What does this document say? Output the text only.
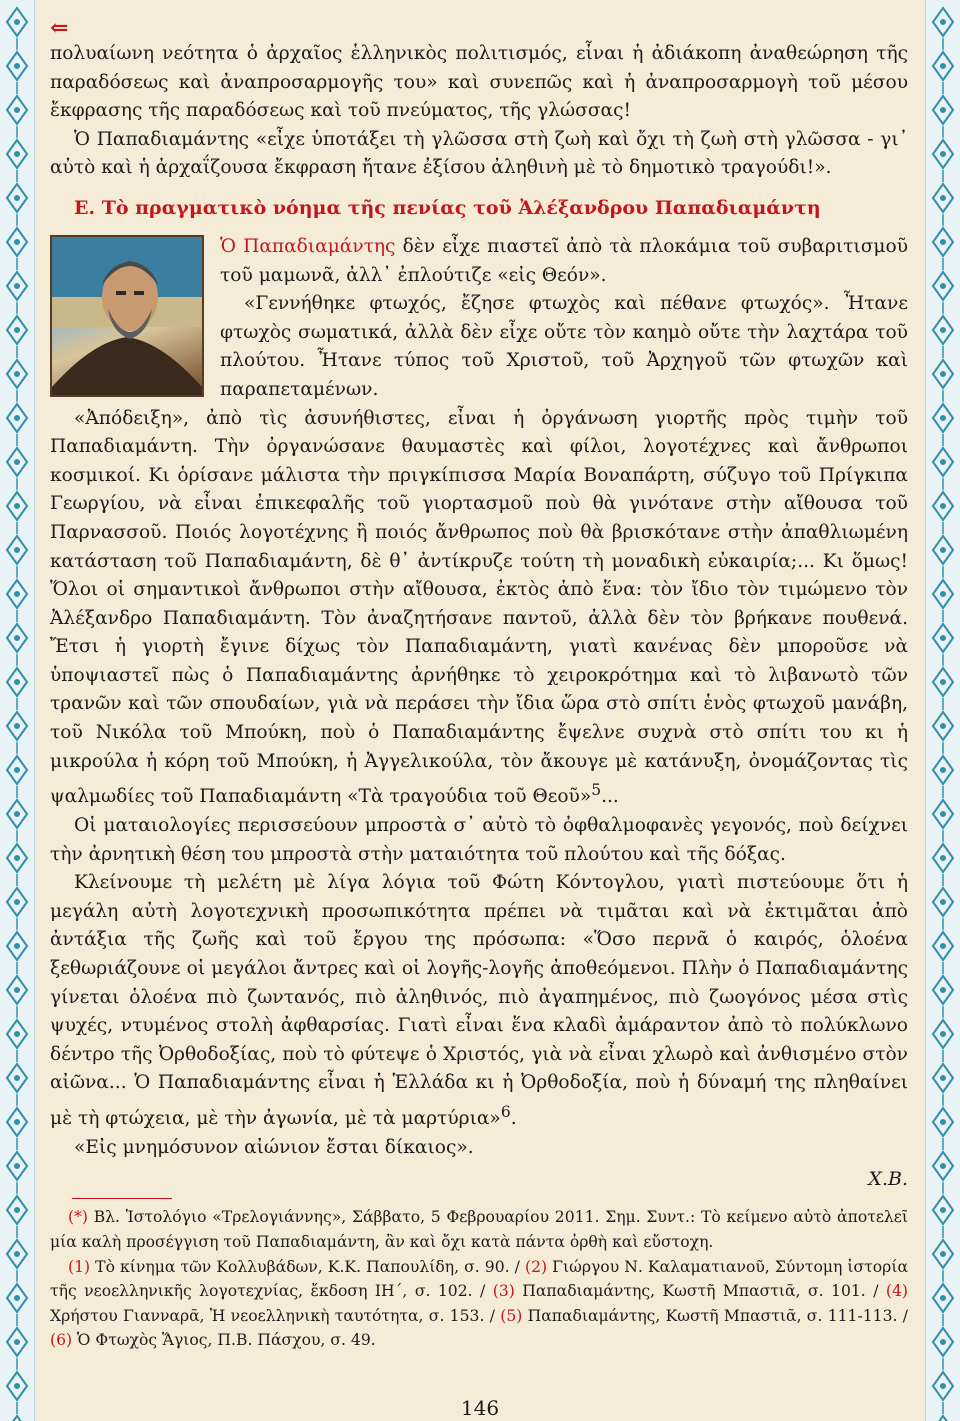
⇐

πολυαίωνη νεότητα ὁ ἀρχαῖος ἑλληνικὸς πολιτισμός, εἶναι ἡ ἀδιάκοπη ἀναθεώρηση τῆς παραδόσεως καὶ ἀναπροσαρμογῆς του» καὶ συνεπῶς καὶ ἡ ἀναπροσαρμογὴ τοῦ μέσου ἔκφρασης τῆς παραδόσεως καὶ τοῦ πνεύματος, τῆς γλώσσας!

Ὁ Παπαδιαμάντης «εἶχε ὑποτάξει τὴ γλῶσσα στὴ ζωὴ καὶ ὄχι τὴ ζωὴ στὴ γλῶσσα - γι᾿ αὐτὸ καὶ ἡ ἀρχαΐζουσα ἔκφραση ἤτανε ἐξίσου ἀληθινὴ μὲ τὸ δημοτικὸ τραγούδι!».

Ε. Τὸ πραγματικὸ νόημα τῆς πενίας τοῦ Ἀλέξανδρου Παπαδιαμάντη

Ὁ Παπαδιαμάντης δὲν εἶχε πιαστεῖ ἀπὸ τὰ πλοκάμια τοῦ συβαριτισμοῦ τοῦ μαμωνᾶ, ἀλλ᾿ ἐπλούτιζε «εἰς Θεόν».

«Γεννήθηκε φτωχός, ἔζησε φτωχὸς καὶ πέθανε φτωχός». Ἦτανε φτωχὸς σωματικά, ἀλλὰ δὲν εἶχε οὔτε τὸν καημὸ οὔτε τὴν λαχτάρα τοῦ πλούτου. Ἦτανε τύπος τοῦ Χριστοῦ, τοῦ Ἀρχηγοῦ τῶν φτωχῶν καὶ παραπεταμένων.

«Ἀπόδειξη», ἀπὸ τὶς ἀσυνήθιστες, εἶναι ἡ ὀργάνωση γιορτῆς πρὸς τιμὴν τοῦ Παπαδιαμάντη. Τὴν ὀργανώσανε θαυμαστὲς καὶ φίλοι, λογοτέχνες καὶ ἄνθρωποι κοσμικοί. Κι ὁρίσανε μάλιστα τὴν πριγκίπισσα Μαρία Βοναπάρτη, σύζυγο τοῦ Πρίγκιπα Γεωργίου, νὰ εἶναι ἐπικεφαλῆς τοῦ γιορτασμοῦ ποὺ θὰ γινότανε στὴν αἴθουσα τοῦ Παρνασσοῦ. Ποιός λογοτέχνης ἢ ποιός ἄνθρωπος ποὺ θὰ βρισκότανε στὴν ἀπαθλιωμένη κατάσταση τοῦ Παπαδιαμάντη, δὲ θ᾿ ἀντίκρυζε τούτη τὴ μοναδικὴ εὐκαιρία;... Κι ὅμως! Ὅλοι οἱ σημαντικοὶ ἄνθρωποι στὴν αἴθουσα, ἐκτὸς ἀπὸ ἕνα: τὸν ἴδιο τὸν τιμώμενο τὸν Ἀλέξανδρο Παπαδιαμάντη. Τὸν ἀναζητήσανε παντοῦ, ἀλλὰ δὲν τὸν βρήκανε πουθενά. Ἔτσι ἡ γιορτὴ ἔγινε δίχως τὸν Παπαδιαμάντη, γιατὶ κανένας δὲν μποροῦσε νὰ ὑποψιαστεῖ πὼς ὁ Παπαδιαμάντης ἀρνήθηκε τὸ χειροκρότημα καὶ τὸ λιβανωτὸ τῶν τρανῶν καὶ τῶν σπουδαίων, γιὰ νὰ περάσει τὴν ἴδια ὥρα στὸ σπίτι ἑνὸς φτωχοῦ μανάβη, τοῦ Νικόλα τοῦ Μπούκη, ποὺ ὁ Παπαδιαμάντης ἔψελνε συχνὰ στὸ σπίτι του κι ἡ μικρούλα ἡ κόρη τοῦ Μπούκη, ἡ Ἀγγελικούλα, τὸν ἄκουγε μὲ κατάνυξη, ὀνομάζοντας τὶς ψαλμωδίες τοῦ Παπαδιαμάντη «Τὰ τραγούδια τοῦ Θεοῦ»$^5$...

Οἱ ματαιολογίες περισσεύουν μπροστὰ σ᾿ αὐτὸ τὸ ὀφθαλμοφανὲς γεγονός, ποὺ δείχνει τὴν ἀρνητικὴ θέση του μπροστὰ στὴν ματαιότητα τοῦ πλούτου καὶ τῆς δόξας.

Κλείνουμε τὴ μελέτη μὲ λίγα λόγια τοῦ Φώτη Κόντογλου, γιατὶ πιστεύουμε ὅτι ἡ μεγάλη αὐτὴ λογοτεχνικὴ προσωπικότητα πρέπει νὰ τιμᾶται καὶ νὰ ἐκτιμᾶται ἀπὸ ἀντάξια τῆς ζωῆς καὶ τοῦ ἔργου της πρόσωπα: «Ὅσο περνᾶ ὁ καιρός, ὁλοένα ξεθωριάζουνε οἱ μεγάλοι ἄντρες καὶ οἱ λογῆς-λογῆς ἀποθεόμενοι. Πλὴν ὁ Παπαδιαμάντης γίνεται ὁλοένα πιὸ ζωντανός, πιὸ ἀληθινός, πιὸ ἀγαπημένος, πιὸ ζωογόνος μέσα στὶς ψυχές, ντυμένος στολὴ ἀφθαρσίας. Γιατὶ εἶναι ἕνα κλαδὶ ἀμάραντον ἀπὸ τὸ πολύκλωνο δέντρο τῆς Ὀρθοδοξίας, ποὺ τὸ φύτεψε ὁ Χριστός, γιὰ νὰ εἶναι χλωρὸ καὶ ἀνθισμένο στὸν αἰῶνα... Ὁ Παπαδιαμάντης εἶναι ἡ Ἑλλάδα κι ἡ Ὀρθοδοξία, ποὺ ἡ δύναμή της πληθαίνει μὲ τὴ φτώχεια, μὲ τὴν ἀγωνία, μὲ τὰ μαρτύρια»$^6$.

«Εἰς μνημόσυνον αἰώνιον ἔσται δίκαιος».

Χ.Β.

(*) Βλ. Ἱστολόγιο «Τρελογιάννης», Σάββατο, 5 Φεβρουαρίου 2011. Σημ. Συντ.: Τὸ κείμενο αὐτὸ ἀποτελεῖ μία καλὴ προσέγγιση τοῦ Παπαδιαμάντη, ἂν καὶ ὄχι κατὰ πάντα ὀρθὴ καὶ εὔστοχη.

(1) Τὸ κίνημα τῶν Κολλυβάδων, Κ.Κ. Παπουλίδη, σ. 90. / (2) Γιώργου Ν. Καλαματιανοῦ, Σύντομη ἱστορία τῆς νεοελληνικῆς λογοτεχνίας, ἔκδοση ΙΗ΄, σ. 102. / (3) Παπαδιαμάντης, Κωστῆ Μπαστιᾶ, σ. 101. / (4) Χρήστου Γιανναρᾶ, Ἡ νεοελληνικὴ ταυτότητα, σ. 153. / (5) Παπαδιαμάντης, Κωστῆ Μπαστιᾶ, σ. 111-113. / (6) Ὁ Φτωχὸς Ἅγιος, Π.Β. Πάσχου, σ. 49.

146
